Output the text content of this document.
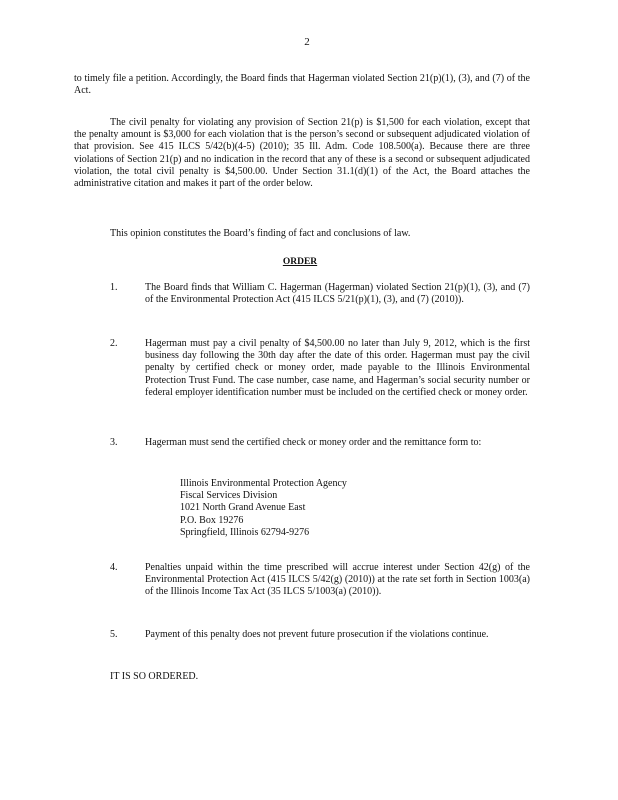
2
to timely file a petition. Accordingly, the Board finds that Hagerman violated Section 21(p)(1), (3), and (7) of the Act.
The civil penalty for violating any provision of Section 21(p) is $1,500 for each violation, except that the penalty amount is $3,000 for each violation that is the person’s second or subsequent adjudicated violation of that provision. See 415 ILCS 5/42(b)(4-5) (2010); 35 Ill. Adm. Code 108.500(a). Because there are three violations of Section 21(p) and no indication in the record that any of these is a second or subsequent adjudicated violation, the total civil penalty is $4,500.00. Under Section 31.1(d)(1) of the Act, the Board attaches the administrative citation and makes it part of the order below.
This opinion constitutes the Board’s finding of fact and conclusions of law.
ORDER
1.	The Board finds that William C. Hagerman (Hagerman) violated Section 21(p)(1), (3), and (7) of the Environmental Protection Act (415 ILCS 5/21(p)(1), (3), and (7) (2010)).
2.	Hagerman must pay a civil penalty of $4,500.00 no later than July 9, 2012, which is the first business day following the 30th day after the date of this order. Hagerman must pay the civil penalty by certified check or money order, made payable to the Illinois Environmental Protection Trust Fund. The case number, case name, and Hagerman’s social security number or federal employer identification number must be included on the certified check or money order.
3.	Hagerman must send the certified check or money order and the remittance form to:
Illinois Environmental Protection Agency
Fiscal Services Division
1021 North Grand Avenue East
P.O. Box 19276
Springfield, Illinois 62794-9276
4.	Penalties unpaid within the time prescribed will accrue interest under Section 42(g) of the Environmental Protection Act (415 ILCS 5/42(g) (2010)) at the rate set forth in Section 1003(a) of the Illinois Income Tax Act (35 ILCS 5/1003(a) (2010)).
5.	Payment of this penalty does not prevent future prosecution if the violations continue.
IT IS SO ORDERED.
